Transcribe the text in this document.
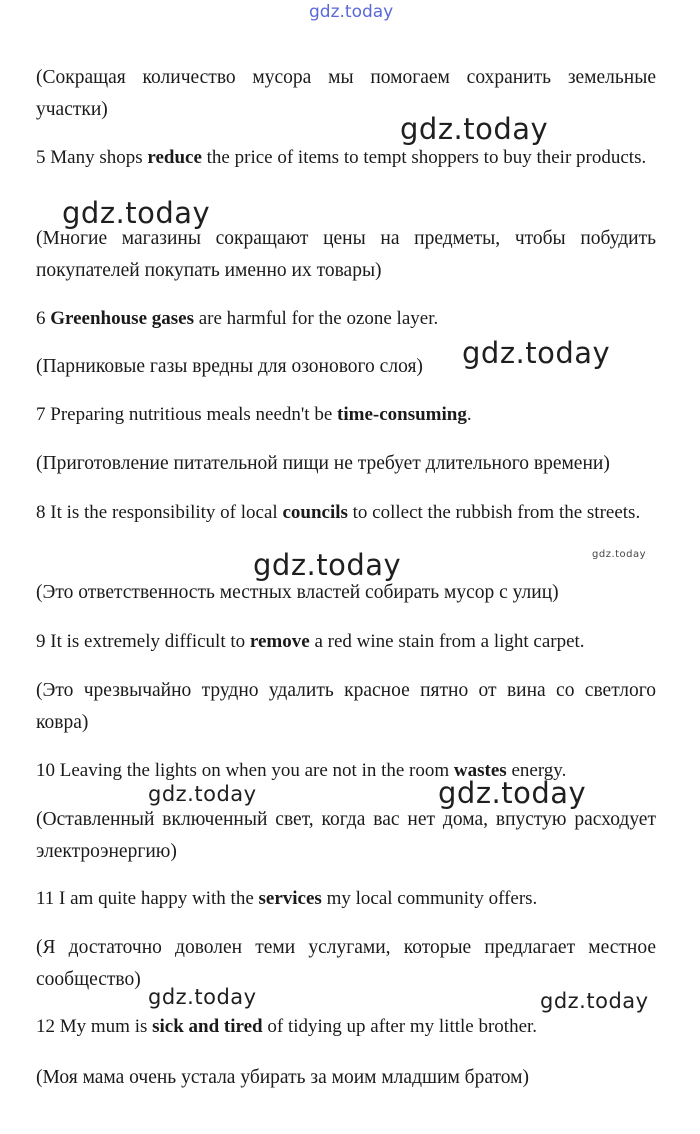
(Сокращая количество мусора мы помогаем сохранить земельные участки)

5 Many shops reduce the price of items to tempt shoppers to buy their products.

(Многие магазины сокращают цены на предметы, чтобы побудить покупателей покупать именно их товары)

6 Greenhouse gases are harmful for the ozone layer.

(Парниковые газы вредны для озонового слоя)

7 Preparing nutritious meals needn't be time-consuming.

(Приготовление питательной пищи не требует длительного времени)

8 It is the responsibility of local councils to collect the rubbish from the streets.

(Это ответственность местных властей собирать мусор с улиц)

9 It is extremely difficult to remove a red wine stain from a light carpet.

(Это чрезвычайно трудно удалить красное пятно от вина со светлого ковра)

10 Leaving the lights on when you are not in the room wastes energy.

(Оставленный включенный свет, когда вас нет дома, впустую расходует электроэнергию)

11 I am quite happy with the services my local community offers.

(Я достаточно доволен теми услугами, которые предлагает местное сообщество)

12 My mum is sick and tired of tidying up after my little brother.

(Моя мама очень устала убирать за моим младшим братом)

gdz.today
gdz.today
gdz.today
gdz.today
gdz.today
gdz.today
gdz.today	gdz.today
gdz.today	gdz.today
